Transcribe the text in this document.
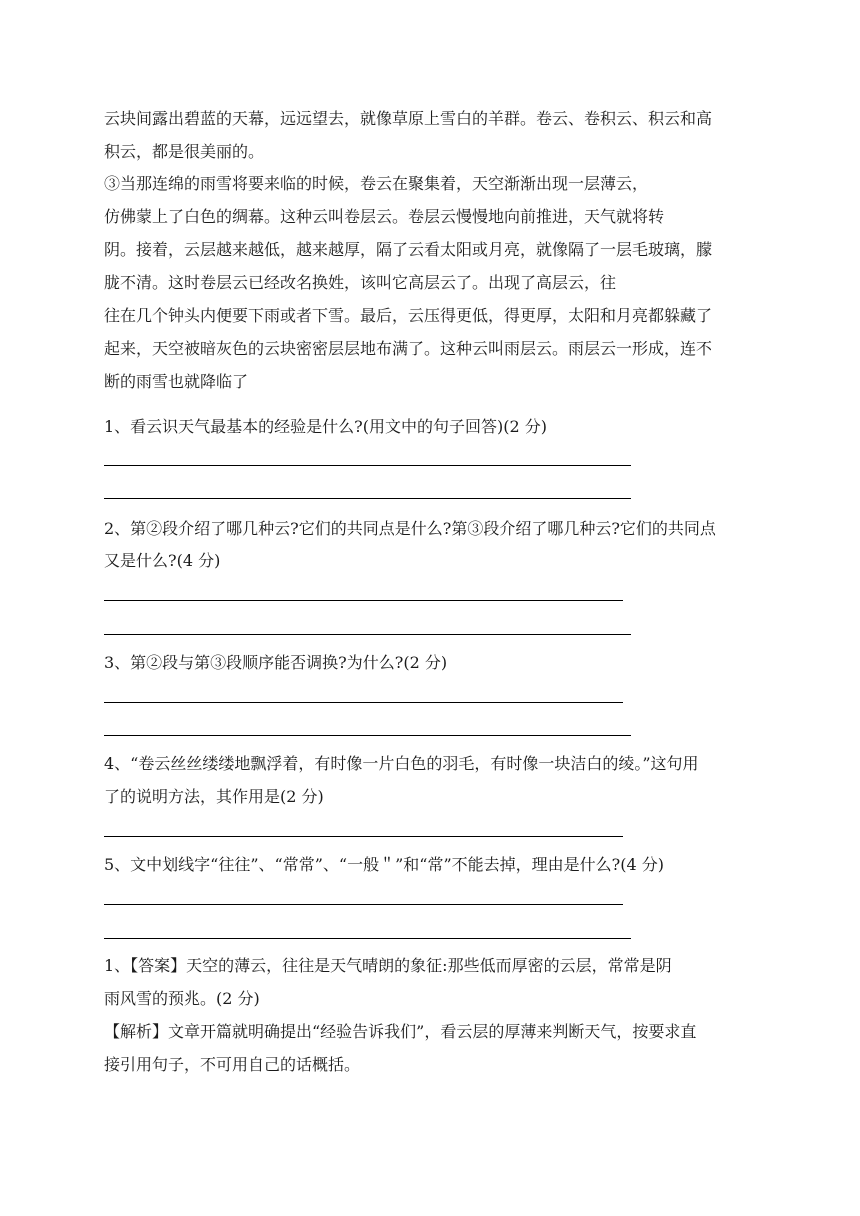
云块间露出碧蓝的天幕，远远望去，就像草原上雪白的羊群。卷云、卷积云、积云和高
积云，都是很美丽的。
③当那连绵的雨雪将要来临的时候，卷云在聚集着，天空渐渐出现一层薄云，
仿佛蒙上了白色的绸幕。这种云叫卷层云。卷层云慢慢地向前推进，天气就将转
阴。接着，云层越来越低，越来越厚，隔了云看太阳或月亮，就像隔了一层毛玻璃，朦
胧不清。这时卷层云已经改名换姓，该叫它高层云了。出现了高层云，往
往在几个钟头内便要下雨或者下雪。最后，云压得更低，得更厚，太阳和月亮都躲藏了
起来，天空被暗灰色的云块密密层层地布满了。这种云叫雨层云。雨层云一形成，连不
断的雨雪也就降临了
1、看云识天气最基本的经验是什么?(用文中的句子回答)(2 分)
2、第②段介绍了哪几种云?它们的共同点是什么?第③段介绍了哪几种云?它们的共同点
又是什么?(4 分)
3、第②段与第③段顺序能否调换?为什么?(2 分)
4、“卷云丝丝缕缕地飘浮着，有时像一片白色的羽毛，有时像一块洁白的绫。”这句用
了的说明方法，其作用是(2 分)
5、文中划线字“往往”、“常常”、“一般＂”和“常”不能去掉，理由是什么?(4 分)
1、【答案】天空的薄云，往往是天气晴朗的象征:那些低而厚密的云层，常常是阴
雨风雪的预兆。(2 分)
【解析】文章开篇就明确提出“经验告诉我们”，看云层的厚薄来判断天气，按要求直
接引用句子，不可用自己的话概括。
